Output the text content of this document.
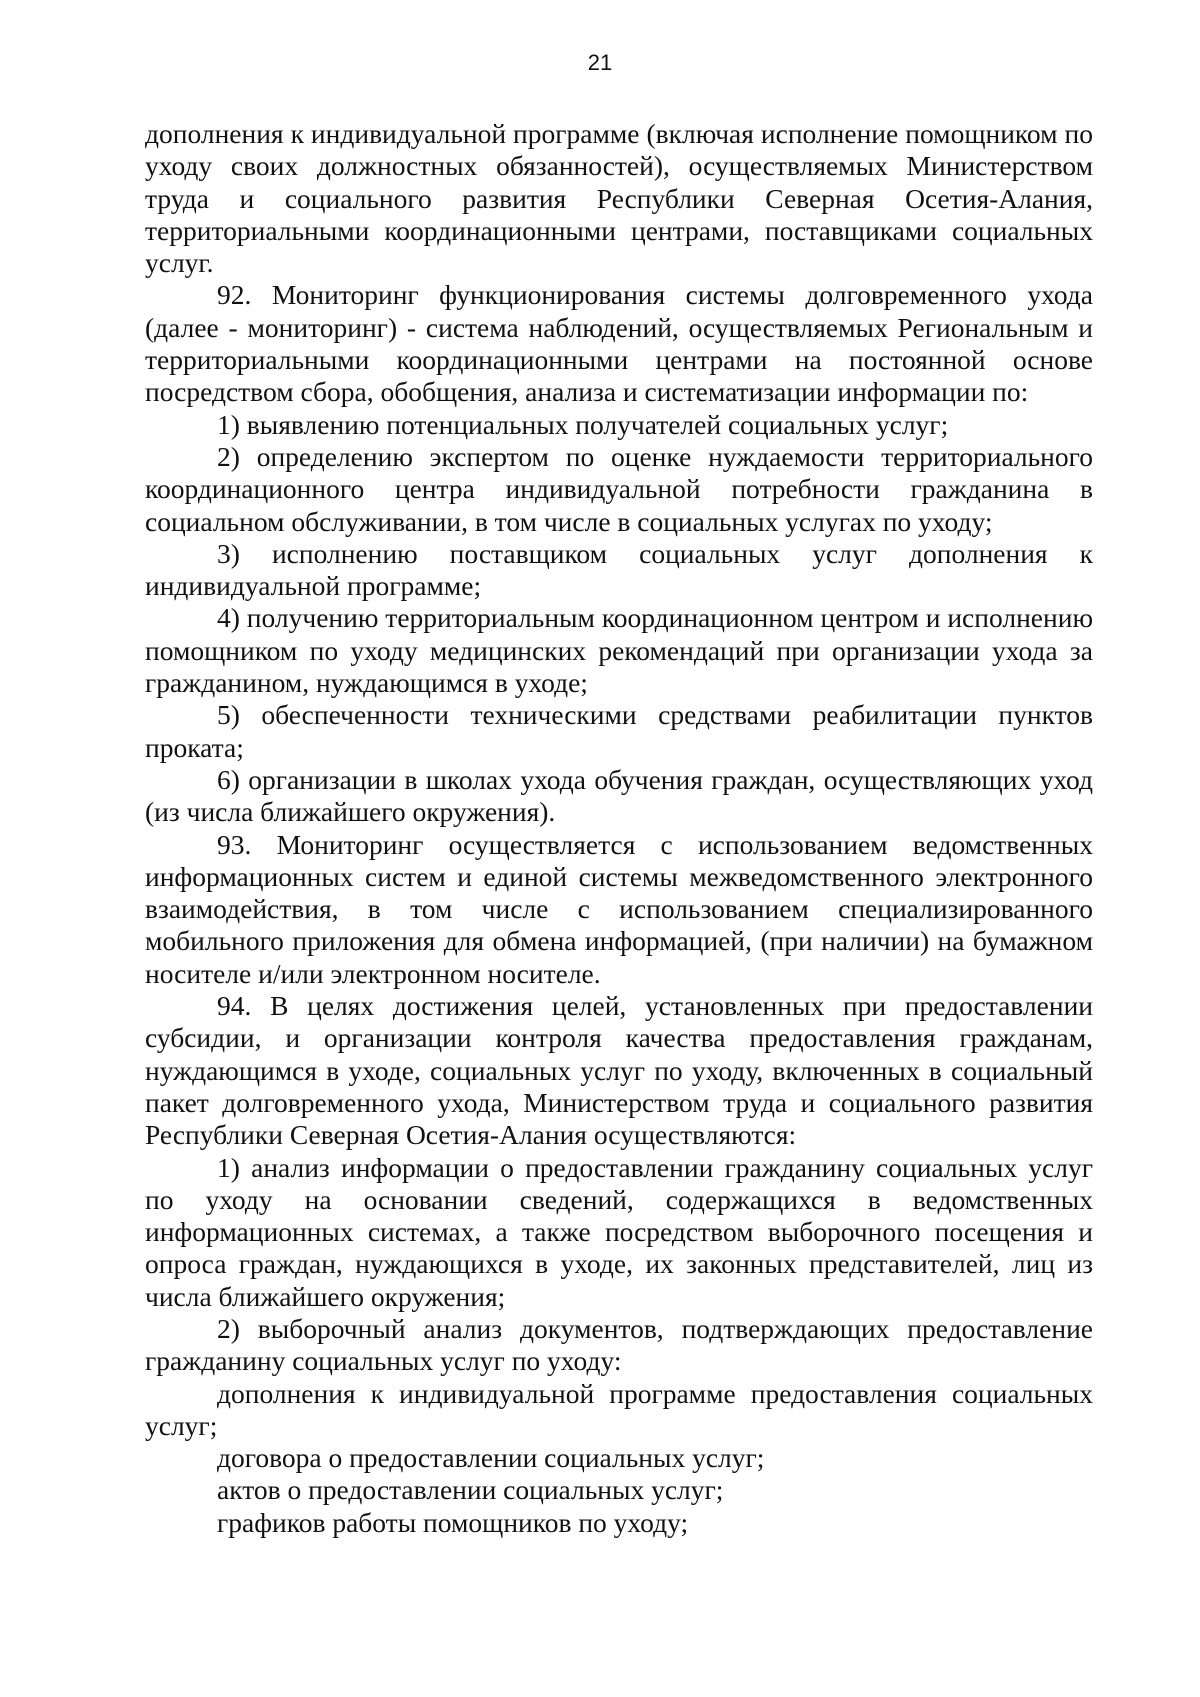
21

дополнения к индивидуальной программе (включая исполнение помощником по уходу своих должностных обязанностей), осуществляемых Министерством труда и социального развития Республики Северная Осетия-Алания, территориальными координационными центрами, поставщиками социальных услуг.

92. Мониторинг функционирования системы долговременного ухода (далее - мониторинг) - система наблюдений, осуществляемых Региональным и территориальными координационными центрами на постоянной основе посредством сбора, обобщения, анализа и систематизации информации по:

1) выявлению потенциальных получателей социальных услуг;

2) определению экспертом по оценке нуждаемости территориального координационного центра индивидуальной потребности гражданина в социальном обслуживании, в том числе в социальных услугах по уходу;

3) исполнению поставщиком социальных услуг дополнения к индивидуальной программе;

4) получению территориальным координационном центром и исполнению помощником по уходу медицинских рекомендаций при организации ухода за гражданином, нуждающимся в уходе;

5) обеспеченности техническими средствами реабилитации пунктов проката;

6) организации в школах ухода обучения граждан, осуществляющих уход (из числа ближайшего окружения).

93. Мониторинг осуществляется с использованием ведомственных информационных систем и единой системы межведомственного электронного взаимодействия, в том числе с использованием специализированного мобильного приложения для обмена информацией, (при наличии) на бумажном носителе и/или электронном носителе.

94. В целях достижения целей, установленных при предоставлении субсидии, и организации контроля качества предоставления гражданам, нуждающимся в уходе, социальных услуг по уходу, включенных в социальный пакет долговременного ухода, Министерством труда и социального развития Республики Северная Осетия-Алания осуществляются:

1) анализ информации о предоставлении гражданину социальных услуг по уходу на основании сведений, содержащихся в ведомственных информационных системах, а также посредством выборочного посещения и опроса граждан, нуждающихся в уходе, их законных представителей, лиц из числа ближайшего окружения;

2) выборочный анализ документов, подтверждающих предоставление гражданину социальных услуг по уходу:

дополнения к индивидуальной программе предоставления социальных услуг;

договора о предоставлении социальных услуг;

актов о предоставлении социальных услуг;

графиков работы помощников по уходу;
